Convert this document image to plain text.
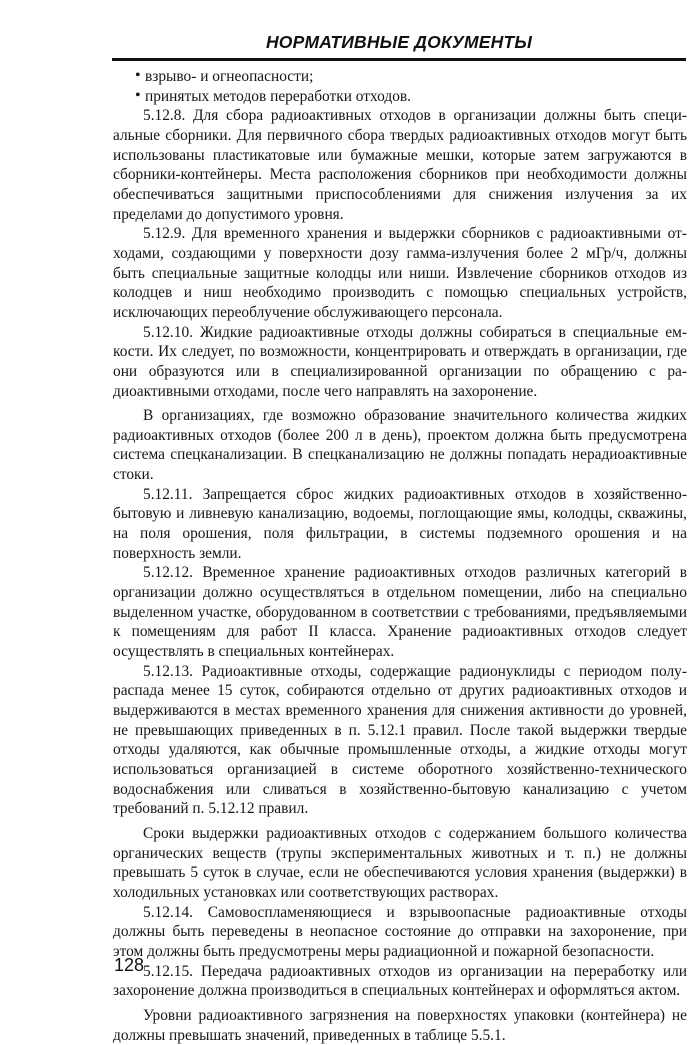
НОРМАТИВНЫЕ ДОКУМЕНТЫ
• взрыво- и огнеопасности;
• принятых методов переработки отходов.

5.12.8. Для сбора радиоактивных отходов в организации должны быть специальные сборники. Для первичного сбора твердых радиоактивных отходов могут быть использованы пластикатовые или бумажные мешки, которые затем загружаются в сборники-контейнеры. Места расположения сборников при необходимости должны обеспечиваться защитными приспособлениями для снижения излучения за их пределами до допустимого уровня.

5.12.9. Для временного хранения и выдержки сборников с радиоактивными отходами, создающими у поверхности дозу гамма-излучения более 2 мГр/ч, должны быть специальные защитные колодцы или ниши. Извлечение сборников отходов из колодцев и ниш необходимо производить с помощью специальных устройств, исключающих переоблучение обслуживающего персонала.

5.12.10. Жидкие радиоактивные отходы должны собираться в специальные емкости. Их следует, по возможности, концентрировать и отверждать в организации, где они образуются или в специализированной организации по обращению с радиоактивными отходами, после чего направлять на захоронение.

В организациях, где возможно образование значительного количества жидких радиоактивных отходов (более 200 л в день), проектом должна быть предусмотрена система спецканализации. В спецканализацию не должны попадать нерадиоактивные стоки.

5.12.11. Запрещается сброс жидких радиоактивных отходов в хозяйственнобытовую и ливневую канализацию, водоемы, поглощающие ямы, колодцы, скважины, на поля орошения, поля фильтрации, в системы подземного орошения и на поверхность земли.

5.12.12. Временное хранение радиоактивных отходов различных категорий в организации должно осуществляться в отдельном помещении, либо на специально выделенном участке, оборудованном в соответствии с требованиями, предъявляемыми к помещениям для работ II класса. Хранение радиоактивных отходов следует осуществлять в специальных контейнерах.

5.12.13. Радиоактивные отходы, содержащие радионуклиды с периодом полураспада менее 15 суток, собираются отдельно от других радиоактивных отходов и выдерживаются в местах временного хранения для снижения активности до уровней, не превышающих приведенных в п. 5.12.1 правил. После такой выдержки твердые отходы удаляются, как обычные промышленные отходы, а жидкие отходы могут использоваться организацией в системе оборотного хозяйственно-технического водоснабжения или сливаться в хозяйственно-бытовую канализацию с учетом требований п. 5.12.12 правил.

Сроки выдержки радиоактивных отходов с содержанием большого количества органических веществ (трупы экспериментальных животных и т. п.) не должны превышать 5 суток в случае, если не обеспечиваются условия хранения (выдержки) в холодильных установках или соответствующих растворах.

5.12.14. Самовоспламеняющиеся и взрывоопасные радиоактивные отходы должны быть переведены в неопасное состояние до отправки на захоронение, при этом должны быть предусмотрены меры радиационной и пожарной безопасности.

5.12.15. Передача радиоактивных отходов из организации на переработку или захоронение должна производиться в специальных контейнерах и оформляться актом.

Уровни радиоактивного загрязнения на поверхностях упаковки (контейнера) не должны превышать значений, приведенных в таблице 5.5.1.

128
